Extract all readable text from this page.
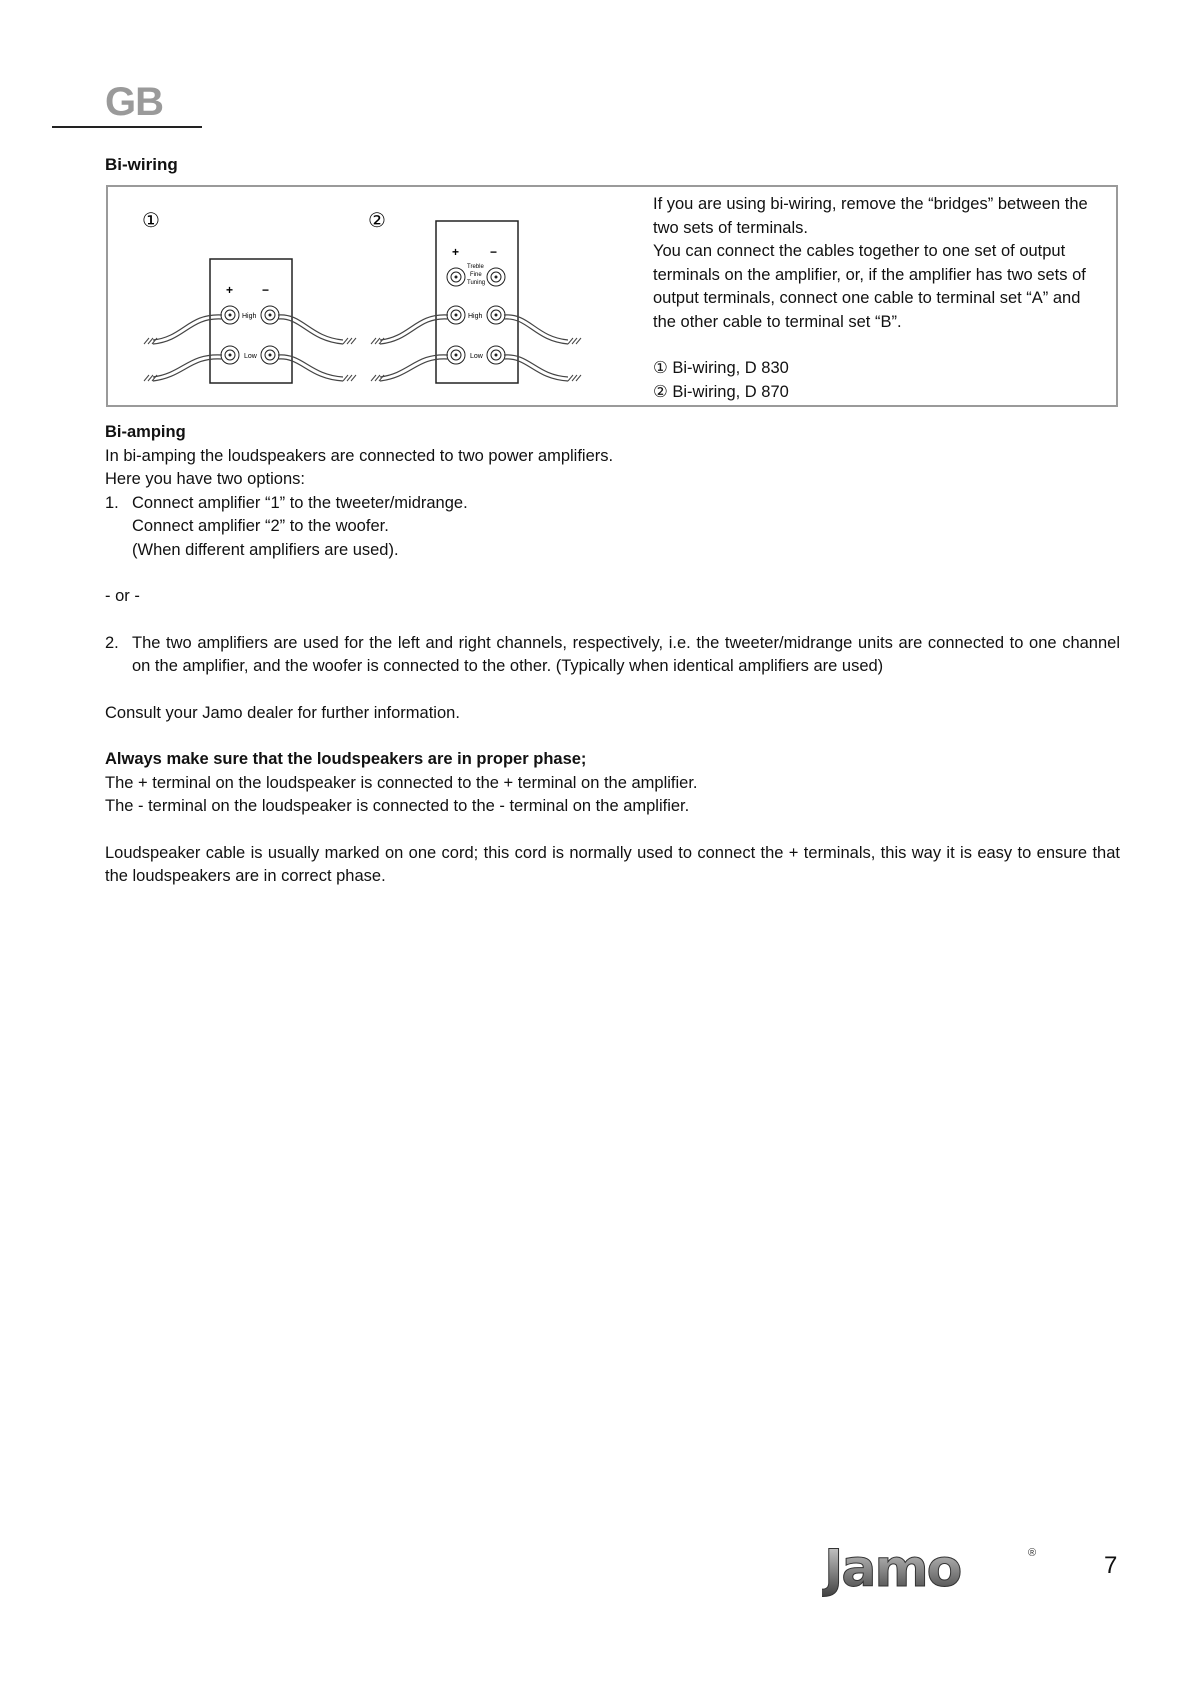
GB
Bi-wiring
①	②
+ −
High
Low
+	−
Treble
Fine
Tuning
High
Low

If you are using bi-wiring, remove the “bridges” between the two sets of terminals.

You can connect the cables together to one set of output terminals on the amplifier, or, if the amplifier has two sets of output terminals, connect one cable to terminal set “A” and the other cable to terminal set “B”.

① Bi-wiring, D 830

② Bi-wiring, D 870

Bi-amping

In bi-amping the loudspeakers are connected to two power amplifiers.

Here you have two options:

1. Connect amplifier “1” to the tweeter/midrange.

Connect amplifier “2” to the woofer.

(When different amplifiers are used).

- or -

2. The two amplifiers are used for the left and right channels, respectively, i.e. the tweeter/midrange units are connected to one channel on the amplifier, and the woofer is connected to the other. (Typically when identical amplifiers are used)

Consult your Jamo dealer for further information.

Always make sure that the loudspeakers are in proper phase;

The + terminal on the loudspeaker is connected to the + terminal on the amplifier.

The - terminal on the loudspeaker is connected to the - terminal on the amplifier.

Loudspeaker cable is usually marked on one cord; this cord is normally used to connect the + terminals, this way it is easy to ensure that the loudspeakers are in correct phase.

Jamo	®	7
